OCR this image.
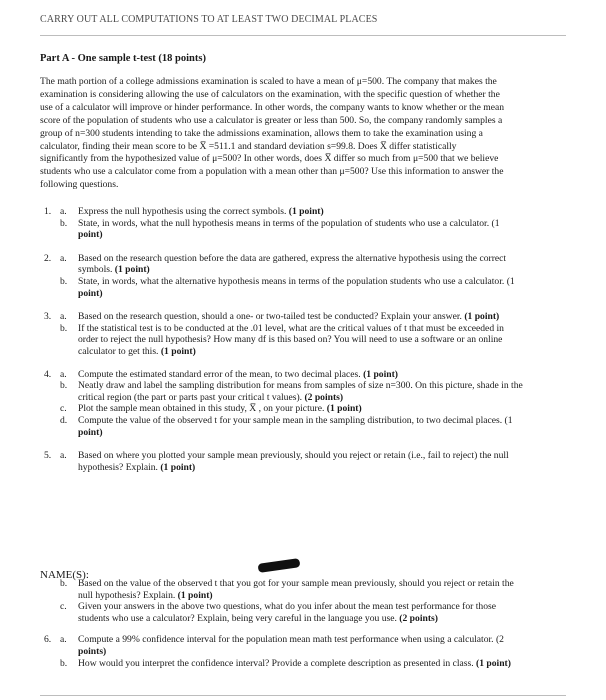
CARRY OUT ALL COMPUTATIONS TO AT LEAST TWO DECIMAL PLACES
Part A - One sample t-test (18 points)
The math portion of a college admissions examination is scaled to have a mean of μ=500. The company that makes the
examination is considering allowing the use of calculators on the examination, with the specific question of whether the
use of a calculator will improve or hinder performance. In other words, the company wants to know whether or the mean
score of the population of students who use a calculator is greater or less than 500. So, the company randomly samples a
group of n=300 students intending to take the admissions examination, allows them to take the examination using a
calculator, finding their mean score to be X̅ =511.1 and standard deviation s=99.8. Does X̅ differ statistically
significantly from the hypothesized value of μ=500? In other words, does X̅ differ so much from μ=500 that we believe
students who use a calculator come from a population with a mean other than μ=500? Use this information to answer the
following questions.
1. a. Express the null hypothesis using the correct symbols. (1 point)
b. State, in words, what the null hypothesis means in terms of the population of students who use a calculator. (1
point)
2. a. Based on the research question before the data are gathered, express the alternative hypothesis using the correct
symbols. (1 point)
b. State, in words, what the alternative hypothesis means in terms of the population students who use a calculator. (1
point)
3. a. Based on the research question, should a one- or two-tailed test be conducted? Explain your answer. (1 point)
b. If the statistical test is to be conducted at the .01 level, what are the critical values of t that must be exceeded in
order to reject the null hypothesis? How many df is this based on? You will need to use a software or an online
calculator to get this. (1 point)
4. a. Compute the estimated standard error of the mean, to two decimal places. (1 point)
b. Neatly draw and label the sampling distribution for means from samples of size n=300. On this picture, shade in the
critical region (the part or parts past your critical t values). (2 points)
c. Plot the sample mean obtained in this study, X̅ , on your picture. (1 point)
d. Compute the value of the observed t for your sample mean in the sampling distribution, to two decimal places. (1
point)
5. a. Based on where you plotted your sample mean previously, should you reject or retain (i.e., fail to reject) the null
hypothesis? Explain. (1 point)
NAME(S):
b. Based on the value of the observed t that you got for your sample mean previously, should you reject or retain the
null hypothesis? Explain. (1 point)
c. Given your answers in the above two questions, what do you infer about the mean test performance for those
students who use a calculator? Explain, being very careful in the language you use. (2 points)
6. a. Compute a 99% confidence interval for the population mean math test performance when using a calculator. (2
points)
b. How would you interpret the confidence interval? Provide a complete description as presented in class. (1 point)
